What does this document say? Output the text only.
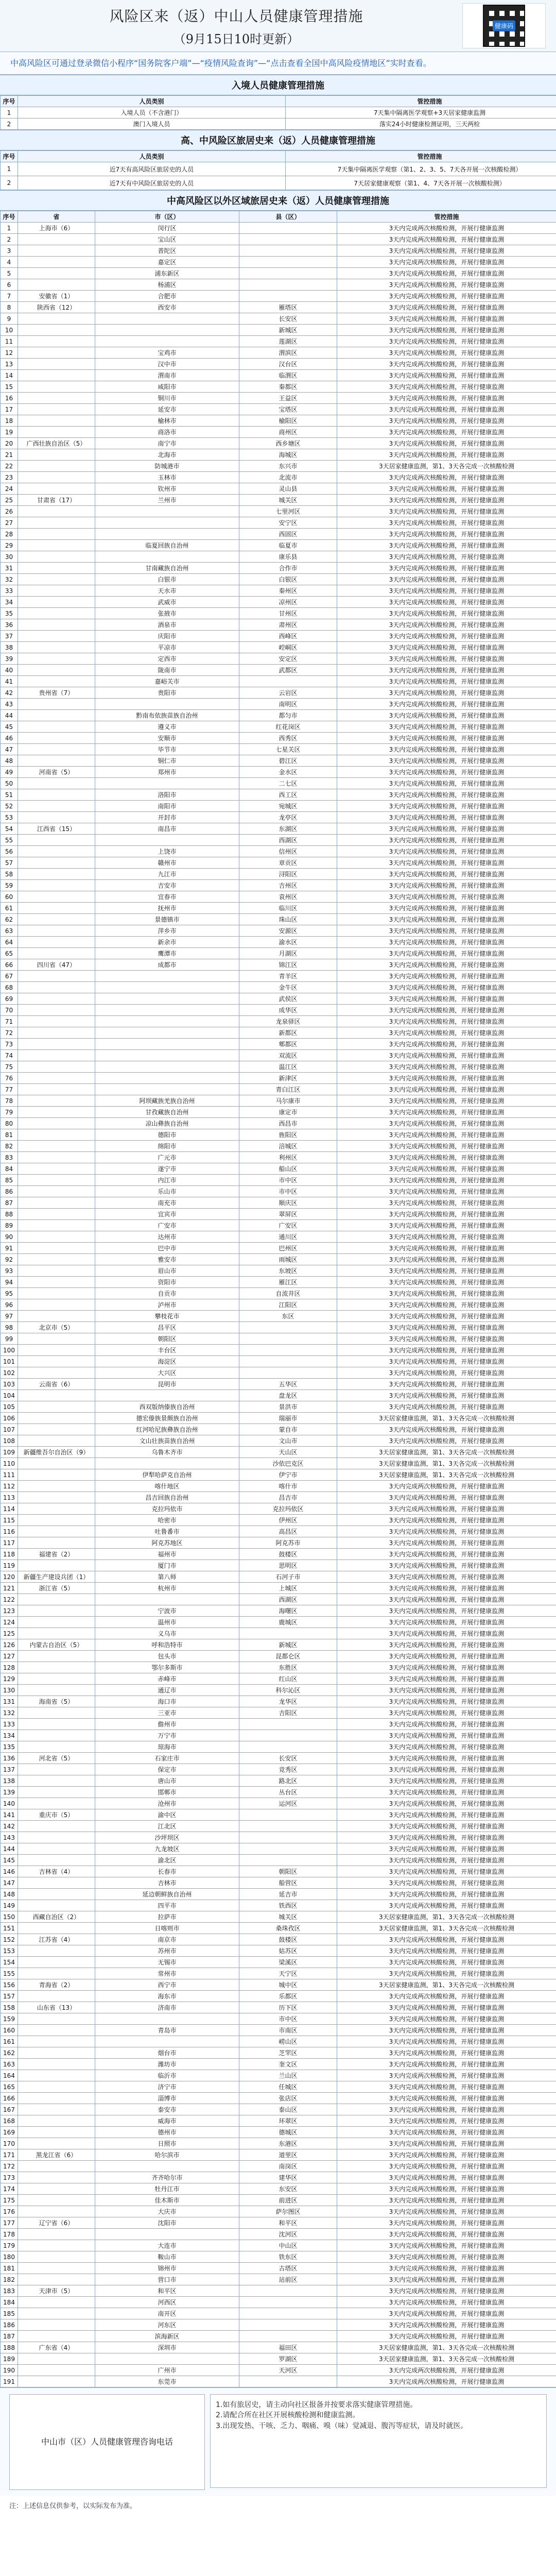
风险区来（返）中山人员健康管理措施
（9月15日10时更新）
健康码

中高风险区可通过登录微信小程序“国务院客户端”—“疫情风险查询”—“点击查看全国中高风险疫情地区”实时查看。

入境人员健康管理措施
序号	人员类别	管控措施
1	入境人员（不含港门）	7天集中隔离医学观察+3天居家健康监测
2	澳门入境人员	落实24小时健康检测证明，三天两检
高、中风险区旅居史来（返）人员健康管理措施
序号	人员类别	管控措施
1	近7天有高风险区旅居史的人员	7天集中隔离医学观察（第1、2、3、5、7天各开展一次核酸检测）
2	近7天有中风险区旅居史的人员	7天居家健康观察（第1、4、7天各开展一次核酸检测）
中高风险区以外区域旅居史来（返）人员健康管理措施
序号	省	市（区）	县（区）	管控措施
1	上海市（6）	闵行区		3天内完成两次核酸检测，开展行健康监测
2		宝山区		3天内完成两次核酸检测，开展行健康监测
3		普陀区		3天内完成两次核酸检测，开展行健康监测
4		嘉定区		3天内完成两次核酸检测，开展行健康监测
5		浦东新区		3天内完成两次核酸检测，开展行健康监测
6		杨浦区		3天内完成两次核酸检测，开展行健康监测
7	安徽省（1）	合肥市		3天内完成两次核酸检测，开展行健康监测
8	陕西省（12）	西安市	雁塔区	3天内完成两次核酸检测，开展行健康监测
9			长安区	3天内完成两次核酸检测，开展行健康监测
10			新城区	3天内完成两次核酸检测，开展行健康监测
11			莲湖区	3天内完成两次核酸检测，开展行健康监测
12		宝鸡市	渭滨区	3天内完成两次核酸检测，开展行健康监测
13		汉中市	汉台区	3天内完成两次核酸检测，开展行健康监测
14		渭南市	临渭区	3天内完成两次核酸检测，开展行健康监测
15		咸阳市	秦都区	3天内完成两次核酸检测，开展行健康监测
16		铜川市	王益区	3天内完成两次核酸检测，开展行健康监测
17		延安市	宝塔区	3天内完成两次核酸检测，开展行健康监测
18		榆林市	榆阳区	3天内完成两次核酸检测，开展行健康监测
19		商洛市	商州区	3天内完成两次核酸检测，开展行健康监测
20	广西壮族自治区（5）	南宁市	西乡塘区	3天内完成两次核酸检测，开展行健康监测
21		北海市	海城区	3天内完成两次核酸检测，开展行健康监测
22		防城港市	东兴市	3天居家健康监测，第1、3天各完成一次核酸检测
23		玉林市	北流市	3天内完成两次核酸检测，开展行健康监测
24		钦州市	灵山县	3天内完成两次核酸检测，开展行健康监测
25	甘肃省（17）	兰州市	城关区	3天内完成两次核酸检测，开展行健康监测
26			七里河区	3天内完成两次核酸检测，开展行健康监测
27			安宁区	3天内完成两次核酸检测，开展行健康监测
28			西固区	3天内完成两次核酸检测，开展行健康监测
29		临夏回族自治州	临夏市	3天内完成两次核酸检测，开展行健康监测
30			康乐县	3天内完成两次核酸检测，开展行健康监测
31		甘南藏族自治州	合作市	3天内完成两次核酸检测，开展行健康监测
32		白银市	白银区	3天内完成两次核酸检测，开展行健康监测
33		天水市	秦州区	3天内完成两次核酸检测，开展行健康监测
34		武威市	凉州区	3天内完成两次核酸检测，开展行健康监测
35		张掖市	甘州区	3天内完成两次核酸检测，开展行健康监测
36		酒泉市	肃州区	3天内完成两次核酸检测，开展行健康监测
37		庆阳市	西峰区	3天内完成两次核酸检测，开展行健康监测
38		平凉市	崆峒区	3天内完成两次核酸检测，开展行健康监测
39		定西市	安定区	3天内完成两次核酸检测，开展行健康监测
40		陇南市	武都区	3天内完成两次核酸检测，开展行健康监测
41		嘉峪关市		3天内完成两次核酸检测，开展行健康监测
42	贵州省（7）	贵阳市	云岩区	3天内完成两次核酸检测，开展行健康监测
43			南明区	3天内完成两次核酸检测，开展行健康监测
44		黔南布依族苗族自治州	都匀市	3天内完成两次核酸检测，开展行健康监测
45		遵义市	红花岗区	3天内完成两次核酸检测，开展行健康监测
46		安顺市	西秀区	3天内完成两次核酸检测，开展行健康监测
47		毕节市	七星关区	3天内完成两次核酸检测，开展行健康监测
48		铜仁市	碧江区	3天内完成两次核酸检测，开展行健康监测
49	河南省（5）	郑州市	金水区	3天内完成两次核酸检测，开展行健康监测
50			二七区	3天内完成两次核酸检测，开展行健康监测
51		洛阳市	西工区	3天内完成两次核酸检测，开展行健康监测
52		南阳市	宛城区	3天内完成两次核酸检测，开展行健康监测
53		开封市	龙亭区	3天内完成两次核酸检测，开展行健康监测
54	江西省（15）	南昌市	东湖区	3天内完成两次核酸检测，开展行健康监测
55			西湖区	3天内完成两次核酸检测，开展行健康监测
56		上饶市	信州区	3天内完成两次核酸检测，开展行健康监测
57		赣州市	章贡区	3天内完成两次核酸检测，开展行健康监测
58		九江市	浔阳区	3天内完成两次核酸检测，开展行健康监测
59		吉安市	吉州区	3天内完成两次核酸检测，开展行健康监测
60		宜春市	袁州区	3天内完成两次核酸检测，开展行健康监测
61		抚州市	临川区	3天内完成两次核酸检测，开展行健康监测
62		景德镇市	珠山区	3天内完成两次核酸检测，开展行健康监测
63		萍乡市	安源区	3天内完成两次核酸检测，开展行健康监测
64		新余市	渝水区	3天内完成两次核酸检测，开展行健康监测
65		鹰潭市	月湖区	3天内完成两次核酸检测，开展行健康监测
66	四川省（47）	成都市	锦江区	3天内完成两次核酸检测，开展行健康监测
67			青羊区	3天内完成两次核酸检测，开展行健康监测
68			金牛区	3天内完成两次核酸检测，开展行健康监测
69			武侯区	3天内完成两次核酸检测，开展行健康监测
70			成华区	3天内完成两次核酸检测，开展行健康监测
71			龙泉驿区	3天内完成两次核酸检测，开展行健康监测
72			新都区	3天内完成两次核酸检测，开展行健康监测
73			郫都区	3天内完成两次核酸检测，开展行健康监测
74			双流区	3天内完成两次核酸检测，开展行健康监测
75			温江区	3天内完成两次核酸检测，开展行健康监测
76			新津区	3天内完成两次核酸检测，开展行健康监测
77			青白江区	3天内完成两次核酸检测，开展行健康监测
78		阿坝藏族羌族自治州	马尔康市	3天内完成两次核酸检测，开展行健康监测
79		甘孜藏族自治州	康定市	3天内完成两次核酸检测，开展行健康监测
80		凉山彝族自治州	西昌市	3天内完成两次核酸检测，开展行健康监测
81		德阳市	旌阳区	3天内完成两次核酸检测，开展行健康监测
82		绵阳市	涪城区	3天内完成两次核酸检测，开展行健康监测
83		广元市	利州区	3天内完成两次核酸检测，开展行健康监测
84		遂宁市	船山区	3天内完成两次核酸检测，开展行健康监测
85		内江市	市中区	3天内完成两次核酸检测，开展行健康监测
86		乐山市	市中区	3天内完成两次核酸检测，开展行健康监测
87		南充市	顺庆区	3天内完成两次核酸检测，开展行健康监测
88		宜宾市	翠屏区	3天内完成两次核酸检测，开展行健康监测
89		广安市	广安区	3天内完成两次核酸检测，开展行健康监测
90		达州市	通川区	3天内完成两次核酸检测，开展行健康监测
91		巴中市	巴州区	3天内完成两次核酸检测，开展行健康监测
92		雅安市	雨城区	3天内完成两次核酸检测，开展行健康监测
93		眉山市	东坡区	3天内完成两次核酸检测，开展行健康监测
94		资阳市	雁江区	3天内完成两次核酸检测，开展行健康监测
95		自贡市	自流井区	3天内完成两次核酸检测，开展行健康监测
96		泸州市	江阳区	3天内完成两次核酸检测，开展行健康监测
97		攀枝花市	东区	3天内完成两次核酸检测，开展行健康监测
98	北京市（5）	昌平区		3天内完成两次核酸检测，开展行健康监测
99		朝阳区		3天内完成两次核酸检测，开展行健康监测
100		丰台区		3天内完成两次核酸检测，开展行健康监测
101		海淀区		3天内完成两次核酸检测，开展行健康监测
102		大兴区		3天内完成两次核酸检测，开展行健康监测
103	云南省（6）	昆明市	五华区	3天内完成两次核酸检测，开展行健康监测
104			盘龙区	3天内完成两次核酸检测，开展行健康监测
105		西双版纳傣族自治州	景洪市	3天内完成两次核酸检测，开展行健康监测
106		德宏傣族景颇族自治州	瑞丽市	3天居家健康监测，第1、3天各完成一次核酸检测
107		红河哈尼族彝族自治州	蒙自市	3天内完成两次核酸检测，开展行健康监测
108		文山壮族苗族自治州	文山市	3天内完成两次核酸检测，开展行健康监测
109	新疆维吾尔自治区（9）	乌鲁木齐市	天山区	3天居家健康监测，第1、3天各完成一次核酸检测
110			沙依巴克区	3天居家健康监测，第1、3天各完成一次核酸检测
111		伊犁哈萨克自治州	伊宁市	3天居家健康监测，第1、3天各完成一次核酸检测
112		喀什地区	喀什市	3天内完成两次核酸检测，开展行健康监测
113		昌吉回族自治州	昌吉市	3天内完成两次核酸检测，开展行健康监测
114		克拉玛依市	克拉玛依区	3天内完成两次核酸检测，开展行健康监测
115		哈密市	伊州区	3天内完成两次核酸检测，开展行健康监测
116		吐鲁番市	高昌区	3天内完成两次核酸检测，开展行健康监测
117		阿克苏地区	阿克苏市	3天内完成两次核酸检测，开展行健康监测
118	福建省（2）	福州市	鼓楼区	3天内完成两次核酸检测，开展行健康监测
119		厦门市	思明区	3天内完成两次核酸检测，开展行健康监测
120	新疆生产建设兵团（1）	第八师	石河子市	3天内完成两次核酸检测，开展行健康监测
121	浙江省（5）	杭州市	上城区	3天内完成两次核酸检测，开展行健康监测
122			西湖区	3天内完成两次核酸检测，开展行健康监测
123		宁波市	海曙区	3天内完成两次核酸检测，开展行健康监测
124		温州市	鹿城区	3天内完成两次核酸检测，开展行健康监测
125		义乌市		3天内完成两次核酸检测，开展行健康监测
126	内蒙古自治区（5）	呼和浩特市	新城区	3天内完成两次核酸检测，开展行健康监测
127		包头市	昆都仑区	3天内完成两次核酸检测，开展行健康监测
128		鄂尔多斯市	东胜区	3天内完成两次核酸检测，开展行健康监测
129		赤峰市	红山区	3天内完成两次核酸检测，开展行健康监测
130		通辽市	科尔沁区	3天内完成两次核酸检测，开展行健康监测
131	海南省（5）	海口市	龙华区	3天内完成两次核酸检测，开展行健康监测
132		三亚市	吉阳区	3天内完成两次核酸检测，开展行健康监测
133		儋州市		3天内完成两次核酸检测，开展行健康监测
134		万宁市		3天内完成两次核酸检测，开展行健康监测
135		琼海市		3天内完成两次核酸检测，开展行健康监测
136	河北省（5）	石家庄市	长安区	3天内完成两次核酸检测，开展行健康监测
137		保定市	竞秀区	3天内完成两次核酸检测，开展行健康监测
138		唐山市	路北区	3天内完成两次核酸检测，开展行健康监测
139		邯郸市	丛台区	3天内完成两次核酸检测，开展行健康监测
140		沧州市	运河区	3天内完成两次核酸检测，开展行健康监测
141	重庆市（5）	渝中区		3天内完成两次核酸检测，开展行健康监测
142		江北区		3天内完成两次核酸检测，开展行健康监测
143		沙坪坝区		3天内完成两次核酸检测，开展行健康监测
144		九龙坡区		3天内完成两次核酸检测，开展行健康监测
145		渝北区		3天内完成两次核酸检测，开展行健康监测
146	吉林省（4）	长春市	朝阳区	3天内完成两次核酸检测，开展行健康监测
147		吉林市	船营区	3天内完成两次核酸检测，开展行健康监测
148		延边朝鲜族自治州	延吉市	3天内完成两次核酸检测，开展行健康监测
149		四平市	铁西区	3天内完成两次核酸检测，开展行健康监测
150	西藏自治区（2）	拉萨市	城关区	3天居家健康监测，第1、3天各完成一次核酸检测
151		日喀则市	桑珠孜区	3天居家健康监测，第1、3天各完成一次核酸检测
152	江苏省（4）	南京市	鼓楼区	3天内完成两次核酸检测，开展行健康监测
153		苏州市	姑苏区	3天内完成两次核酸检测，开展行健康监测
154		无锡市	梁溪区	3天内完成两次核酸检测，开展行健康监测
155		常州市	天宁区	3天内完成两次核酸检测，开展行健康监测
156	青海省（2）	西宁市	城中区	3天居家健康监测，第1、3天各完成一次核酸检测
157		海东市	乐都区	3天内完成两次核酸检测，开展行健康监测
158	山东省（13）	济南市	历下区	3天内完成两次核酸检测，开展行健康监测
159			市中区	3天内完成两次核酸检测，开展行健康监测
160		青岛市	市南区	3天内完成两次核酸检测，开展行健康监测
161			崂山区	3天内完成两次核酸检测，开展行健康监测
162		烟台市	芝罘区	3天内完成两次核酸检测，开展行健康监测
163		潍坊市	奎文区	3天内完成两次核酸检测，开展行健康监测
164		临沂市	兰山区	3天内完成两次核酸检测，开展行健康监测
165		济宁市	任城区	3天内完成两次核酸检测，开展行健康监测
166		淄博市	张店区	3天内完成两次核酸检测，开展行健康监测
167		泰安市	泰山区	3天内完成两次核酸检测，开展行健康监测
168		威海市	环翠区	3天内完成两次核酸检测，开展行健康监测
169		德州市	德城区	3天内完成两次核酸检测，开展行健康监测
170		日照市	东港区	3天内完成两次核酸检测，开展行健康监测
171	黑龙江省（6）	哈尔滨市	道里区	3天内完成两次核酸检测，开展行健康监测
172			南岗区	3天内完成两次核酸检测，开展行健康监测
173		齐齐哈尔市	建华区	3天内完成两次核酸检测，开展行健康监测
174		牡丹江市	东安区	3天内完成两次核酸检测，开展行健康监测
175		佳木斯市	前进区	3天内完成两次核酸检测，开展行健康监测
176		大庆市	萨尔图区	3天内完成两次核酸检测，开展行健康监测
177	辽宁省（6）	沈阳市	和平区	3天内完成两次核酸检测，开展行健康监测
178			沈河区	3天内完成两次核酸检测，开展行健康监测
179		大连市	中山区	3天内完成两次核酸检测，开展行健康监测
180		鞍山市	铁东区	3天内完成两次核酸检测，开展行健康监测
181		锦州市	古塔区	3天内完成两次核酸检测，开展行健康监测
182		营口市	站前区	3天内完成两次核酸检测，开展行健康监测
183	天津市（5）	和平区		3天内完成两次核酸检测，开展行健康监测
184		河西区		3天内完成两次核酸检测，开展行健康监测
185		南开区		3天内完成两次核酸检测，开展行健康监测
186		河东区		3天内完成两次核酸检测，开展行健康监测
187		滨海新区		3天内完成两次核酸检测，开展行健康监测
188	广东省（4）	深圳市	福田区	3天居家健康监测，第1、3天各完成一次核酸检测
189			罗湖区	3天居家健康监测，第1、3天各完成一次核酸检测
190		广州市	天河区	3天内完成两次核酸检测，开展行健康监测
191		东莞市		3天内完成两次核酸检测，开展行健康监测
中山市（区）人员健康管理咨询电话
1.如有旅居史，请主动向社区报备并按要求落实健康管理措施。
2.请配合所在社区开展核酸检测和健康监测。
3.出现发热、干咳、乏力、咽痛、嗅（味）觉减退、腹泻等症状，请及时就医。
注：上述信息仅供参考，以实际发布为准。
